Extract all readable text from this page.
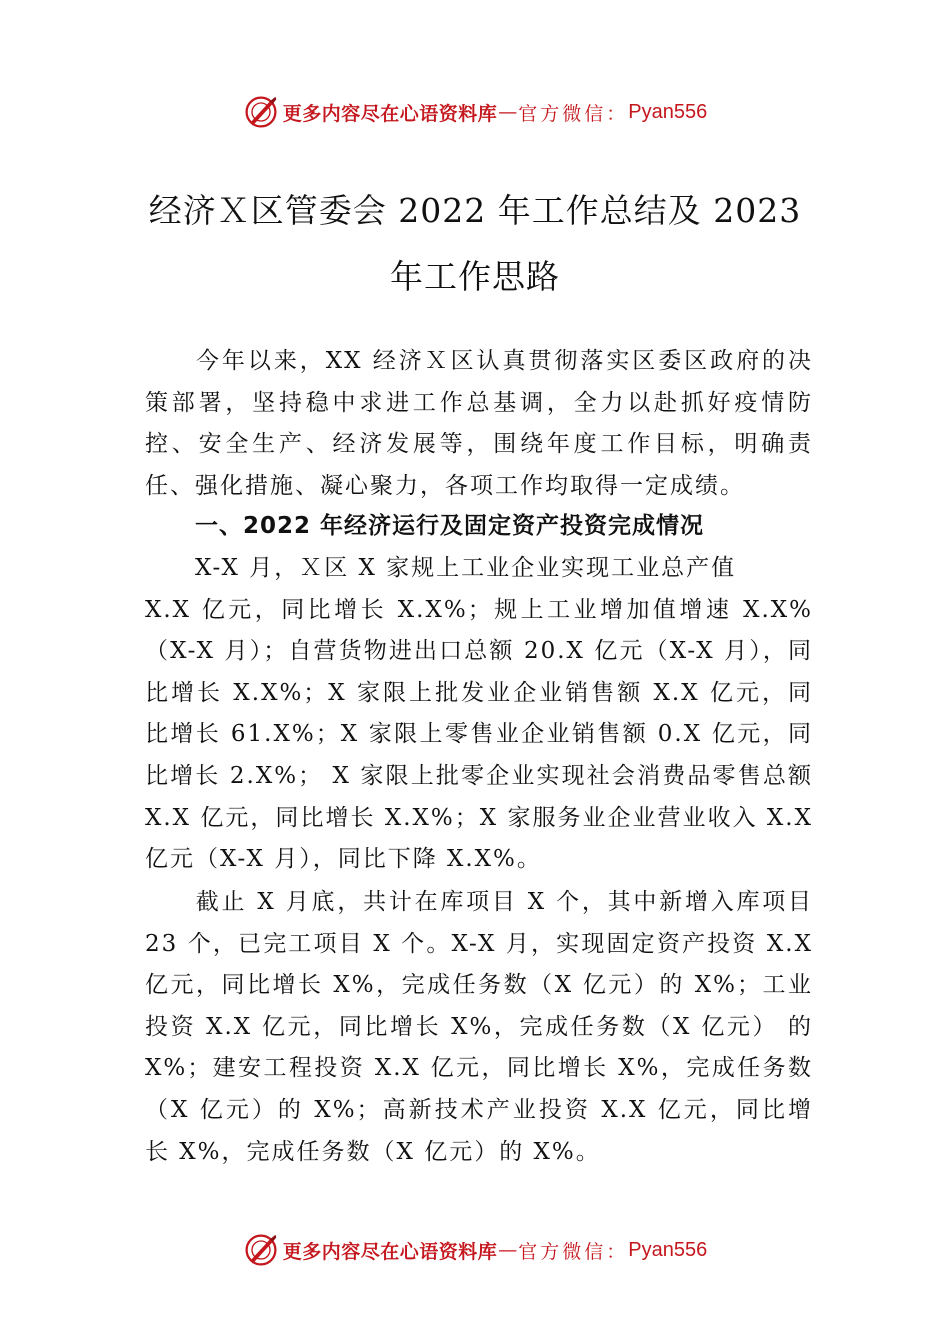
更多内容尽在心语资料库 — 官方微信： Pyan556
经济Ｘ区管委会 2022 年工作总结及 2023
年工作思路
今年以来，XX 经济Ｘ区认真贯彻落实区委区政府的决策部署，坚持稳中求进工作总基调，全力以赴抓好疫情防控、安全生产、经济发展等，围绕年度工作目标，明确责任、强化措施、凝心聚力，各项工作均取得一定成绩。
一、2022 年经济运行及固定资产投资完成情况
X-X 月，Ｘ区 X 家规上工业企业实现工业总产值
X.X 亿元，同比增长 X.X%；规上工业增加值增速 X.X%（X-X 月）；自营货物进出口总额 20.X 亿元（X-X 月），同比增长 X.X%；X 家限上批发业企业销售额 X.X 亿元，同比增长 61.X%；X 家限上零售业企业销售额 0.X 亿元，同比增长 2.X%； X 家限上批零企业实现社会消费品零售总额 X.X 亿元，同比增长 X.X%；X 家服务业企业营业收入 X.X 亿元（X-X 月），同比下降 X.X%。
截止 X 月底，共计在库项目 X 个，其中新增入库项目 23 个，已完工项目 X 个。X-X 月，实现固定资产投资 X.X 亿元，同比增长 X%，完成任务数（X 亿元）的 X%；工业投资 X.X 亿元，同比增长 X%，完成任务数（X 亿元） 的 X%；建安工程投资 X.X 亿元，同比增长 X%，完成任务数（X 亿元）的 X%；高新技术产业投资 X.X 亿元，同比增长 X%，完成任务数（X 亿元）的 X%。
更多内容尽在心语资料库 — 官方微信： Pyan556
